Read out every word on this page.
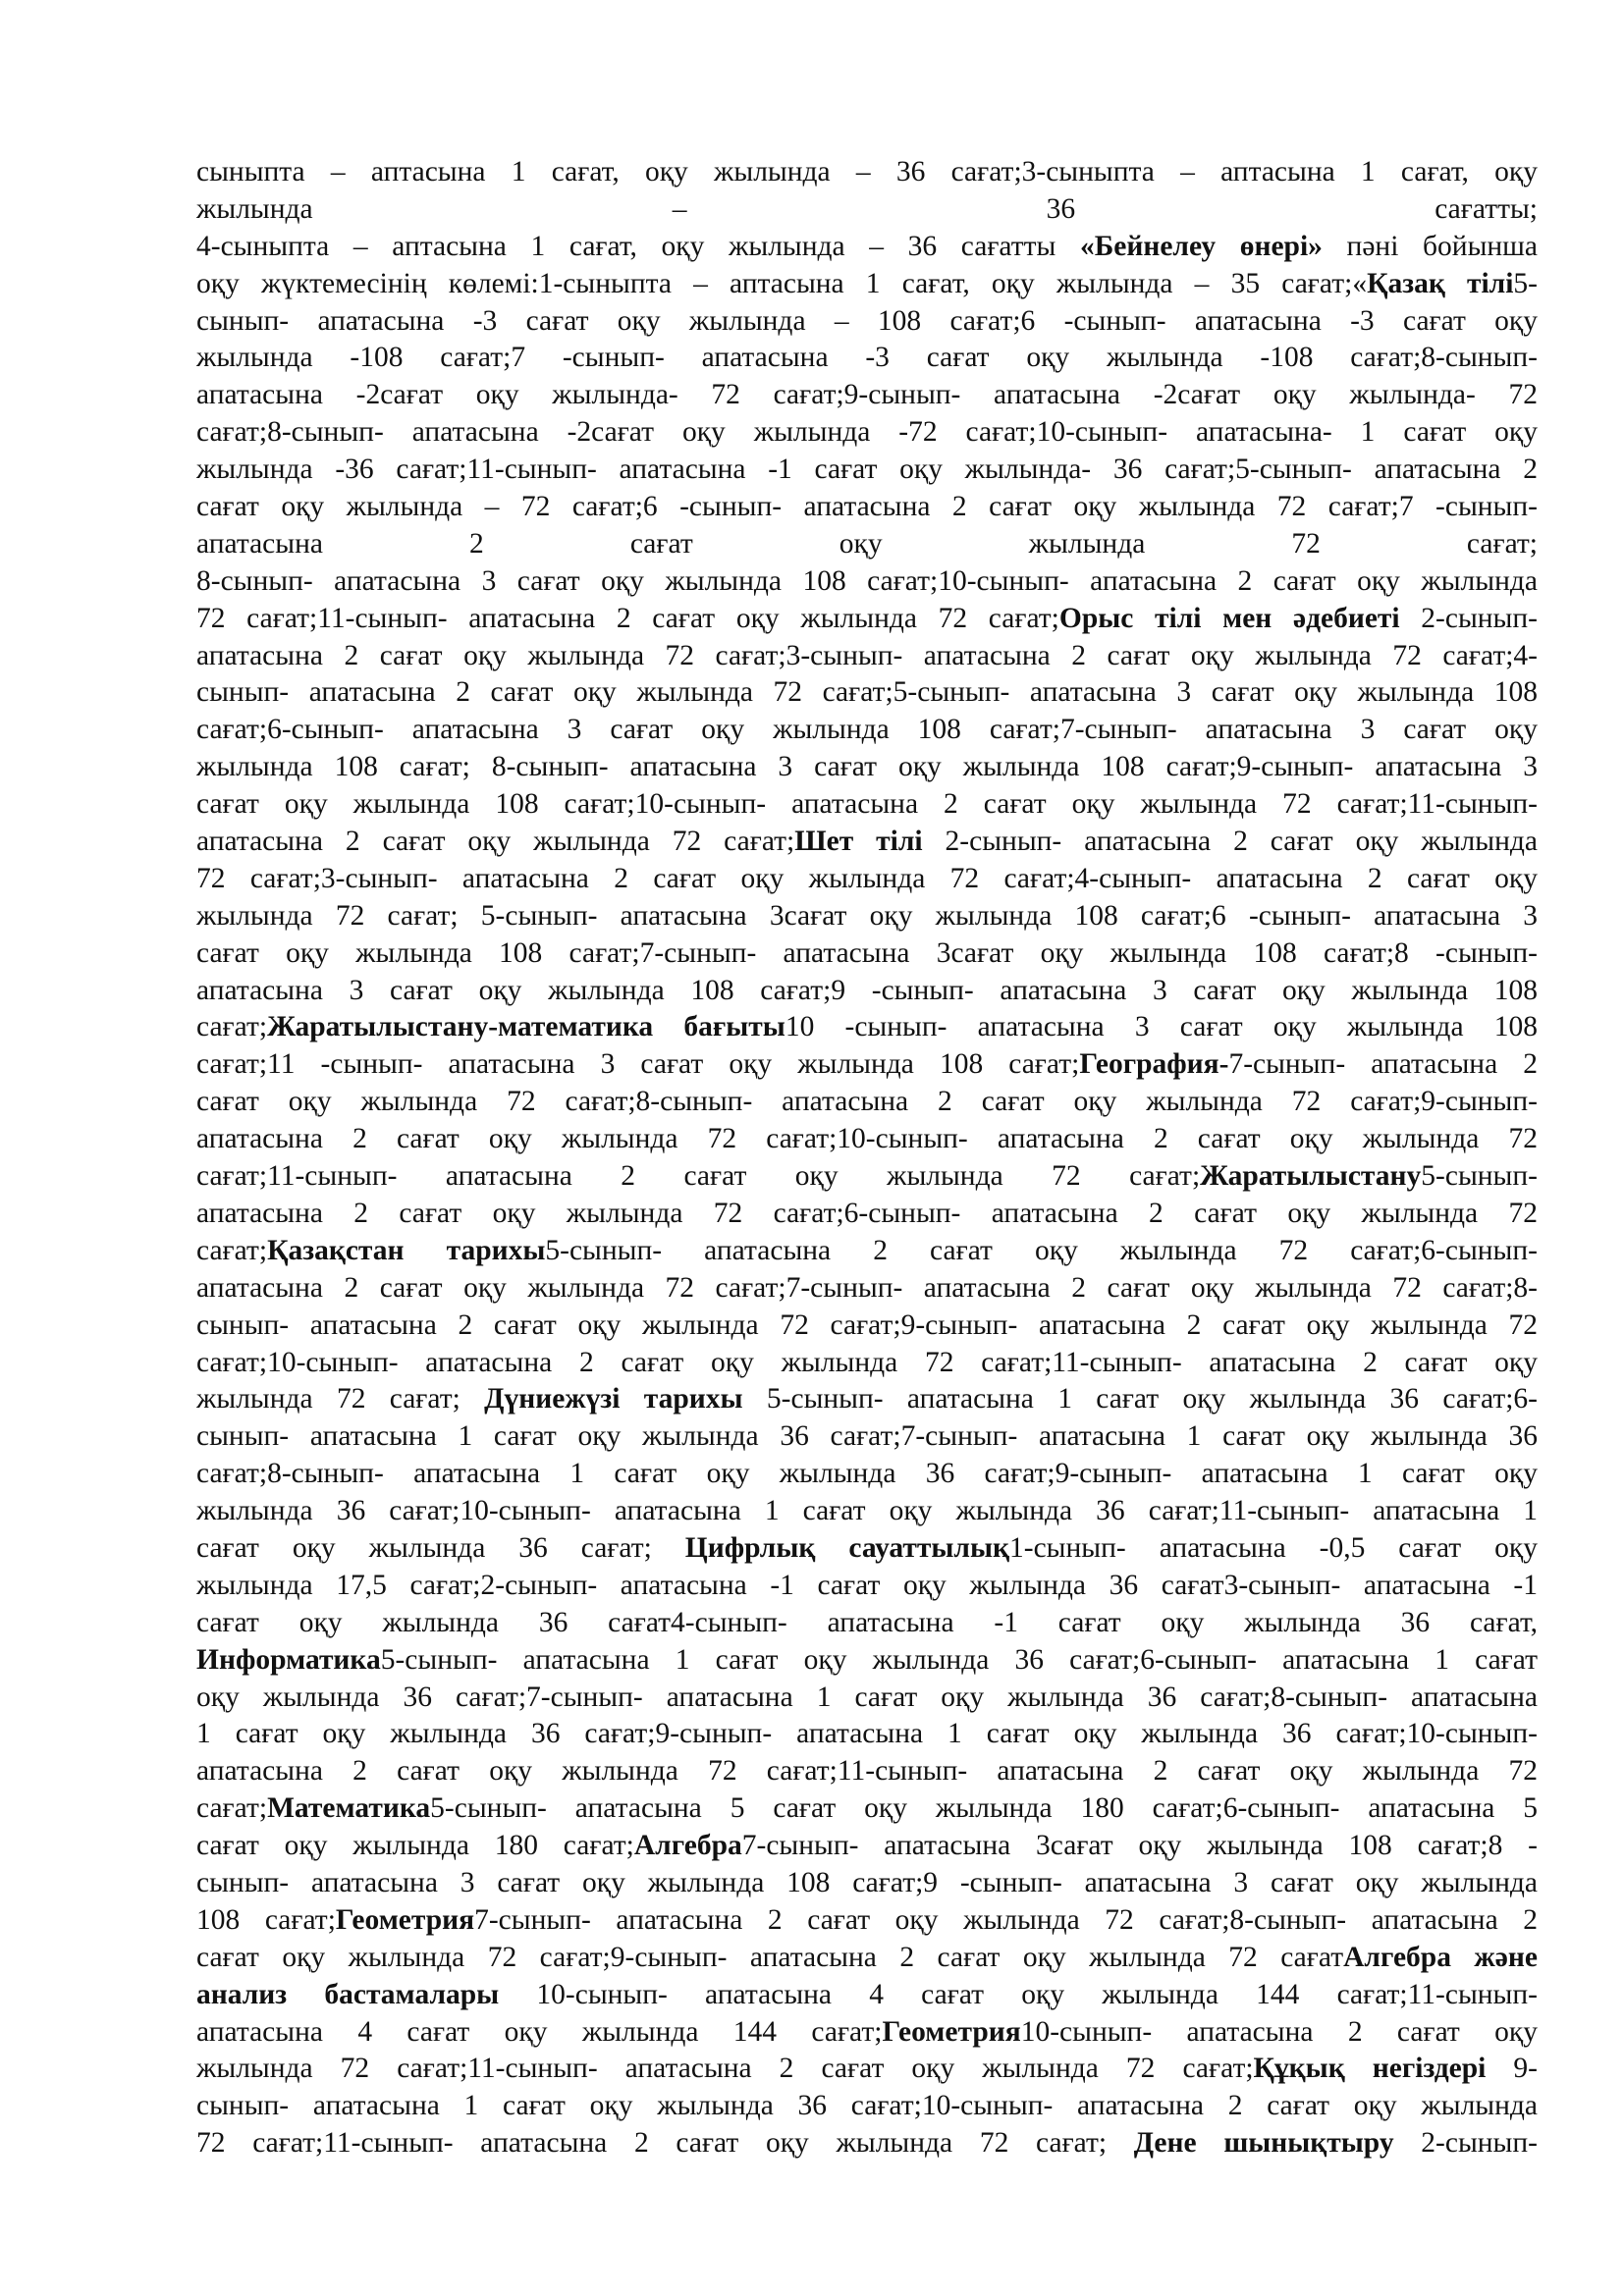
сыныпта – аптасына 1 сағат, оқу жылында – 36 сағат;3-сыныпта – аптасына 1 сағат, оқу

жылында – 36 сағатты;

4-сыныпта – аптасына 1 сағат, оқу жылында – 36 сағатты «Бейнелеу өнері» пәні бойынша

оқу жүктемесінің көлемі:1-сыныпта – аптасына 1 сағат, оқу жылында – 35 сағат;«Қазақ тілі5-

сынып- апатасына -3 сағат оқу жылында – 108 сағат;6 -сынып- апатасына -3 сағат оқу

жылында -108 сағат;7 -сынып- апатасына -3 сағат оқу жылында -108 сағат;8-сынып-

апатасына -2сағат оқу жылында- 72 сағат;9-сынып- апатасына -2сағат оқу жылында- 72

сағат;8-сынып- апатасына -2сағат оқу жылында -72 сағат;10-сынып- апатасына- 1 сағат оқу

жылында -36 сағат;11-сынып- апатасына -1 сағат оқу жылында- 36 сағат;5-сынып- апатасына 2

сағат оқу жылында – 72 сағат;6 -сынып- апатасына 2 сағат оқу жылында 72 сағат;7 -сынып-

апатасына 2 сағат оқу жылында 72 сағат;

8-сынып- апатасына 3 сағат оқу жылында 108 сағат;10-сынып- апатасына 2 сағат оқу жылында

72 сағат;11-сынып- апатасына 2 сағат оқу жылында 72 сағат;Орыс тілі мен әдебиеті 2-сынып-

апатасына 2 сағат оқу жылында 72 сағат;3-сынып- апатасына 2 сағат оқу жылында 72 сағат;4-

сынып- апатасына 2 сағат оқу жылында 72 сағат;5-сынып- апатасына 3 сағат оқу жылында 108

сағат;6-сынып- апатасына 3 сағат оқу жылында 108 сағат;7-сынып- апатасына 3 сағат оқу

жылында 108 сағат; 8-сынып- апатасына 3 сағат оқу жылында 108 сағат;9-сынып- апатасына 3

сағат оқу жылында 108 сағат;10-сынып- апатасына 2 сағат оқу жылында 72 сағат;11-сынып-

апатасына 2 сағат оқу жылында 72 сағат;Шет тілі 2-сынып- апатасына 2 сағат оқу жылында

72 сағат;3-сынып- апатасына 2 сағат оқу жылында 72 сағат;4-сынып- апатасына 2 сағат оқу

жылында 72 сағат; 5-сынып- апатасына 3сағат оқу жылында 108 сағат;6 -сынып- апатасына 3

сағат оқу жылында 108 сағат;7-сынып- апатасына 3сағат оқу жылында 108 сағат;8 -сынып-

апатасына 3 сағат оқу жылында 108 сағат;9 -сынып- апатасына 3 сағат оқу жылында 108

сағат;Жаратылыстану-математика бағыты10 -сынып- апатасына 3 сағат оқу жылында 108

сағат;11 -сынып- апатасына 3 сағат оқу жылында 108 сағат;География-7-сынып- апатасына 2

сағат оқу жылында 72 сағат;8-сынып- апатасына 2 сағат оқу жылында 72 сағат;9-сынып-

апатасына 2 сағат оқу жылында 72 сағат;10-сынып- апатасына 2 сағат оқу жылында 72

сағат;11-сынып- апатасына 2 сағат оқу жылында 72 сағат;Жаратылыстану5-сынып-

апатасына 2 сағат оқу жылында 72 сағат;6-сынып- апатасына 2 сағат оқу жылында 72

сағат;Қазақстан тарихы5-сынып- апатасына 2 сағат оқу жылында 72 сағат;6-сынып-

апатасына 2 сағат оқу жылында 72 сағат;7-сынып- апатасына 2 сағат оқу жылында 72 сағат;8-

сынып- апатасына 2 сағат оқу жылында 72 сағат;9-сынып- апатасына 2 сағат оқу жылында 72

сағат;10-сынып- апатасына 2 сағат оқу жылында 72 сағат;11-сынып- апатасына 2 сағат оқу

жылында 72 сағат; Дүниежүзі тарихы 5-сынып- апатасына 1 сағат оқу жылында 36 сағат;6-

сынып- апатасына 1 сағат оқу жылында 36 сағат;7-сынып- апатасына 1 сағат оқу жылында 36

сағат;8-сынып- апатасына 1 сағат оқу жылында 36 сағат;9-сынып- апатасына 1 сағат оқу

жылында 36 сағат;10-сынып- апатасына 1 сағат оқу жылында 36 сағат;11-сынып- апатасына 1

сағат оқу жылында 36 сағат; Цифрлық сауаттылық1-сынып- апатасына -0,5 сағат оқу

жылында 17,5 сағат;2-сынып- апатасына -1 сағат оқу жылында 36 сағат3-сынып- апатасына -1

сағат оқу жылында 36 сағат4-сынып- апатасына -1 сағат оқу жылында 36 сағат,

Информатика5-сынып- апатасына 1 сағат оқу жылында 36 сағат;6-сынып- апатасына 1 сағат

оқу жылында 36 сағат;7-сынып- апатасына 1 сағат оқу жылында 36 сағат;8-сынып- апатасына

1 сағат оқу жылында 36 сағат;9-сынып- апатасына 1 сағат оқу жылында 36 сағат;10-сынып-

апатасына 2 сағат оқу жылында 72 сағат;11-сынып- апатасына 2 сағат оқу жылында 72

сағат;Математика5-сынып- апатасына 5 сағат оқу жылында 180 сағат;6-сынып- апатасына 5

сағат оқу жылында 180 сағат;Алгебра7-сынып- апатасына 3сағат оқу жылында 108 сағат;8 -

сынып- апатасына 3 сағат оқу жылында 108 сағат;9 -сынып- апатасына 3 сағат оқу жылында

108 сағат;Геометрия7-сынып- апатасына 2 сағат оқу жылында 72 сағат;8-сынып- апатасына 2

сағат оқу жылында 72 сағат;9-сынып- апатасына 2 сағат оқу жылында 72 сағатАлгебра және

анализ бастамалары 10-сынып- апатасына 4 сағат оқу жылында 144 сағат;11-сынып-

апатасына 4 сағат оқу жылында 144 сағат;Геометрия10-сынып- апатасына 2 сағат оқу

жылында 72 сағат;11-сынып- апатасына 2 сағат оқу жылында 72 сағат;Құқық негіздері 9-

сынып- апатасына 1 сағат оқу жылында 36 сағат;10-сынып- апатасына 2 сағат оқу жылында

72 сағат;11-сынып- апатасына 2 сағат оқу жылында 72 сағат; Дене шынықтыру 2-сынып-
